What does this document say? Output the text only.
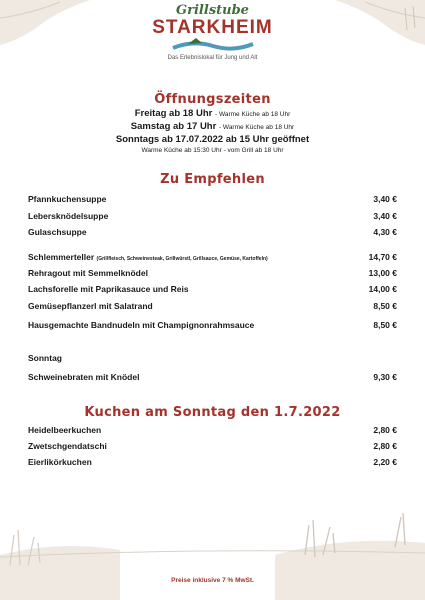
Grillstube
STARKHEIM
Das Erlebnislokal für Jung und Alt
Öffnungszeiten
Freitag ab 18 Uhr - Warme Küche ab 18 Uhr
Samstag ab 17 Uhr - Warme Küche ab 18 Uhr
Sonntags ab 17.07.2022 ab 15 Uhr geöffnet
Warme Küche ab 15:30 Uhr - vom Grill ab 18 Uhr
Zu Empfehlen
Pfannkuchensuppe	3,40 €
Lebersknödelsuppe	3,40 €
Gulaschsuppe	4,30 €
Schlemmerteller (Grillfleisch, Schweinesteak, Grillwürstl, Grillsauce, Gemüse, Kartoffeln)	14,70 €
Rehragout mit Semmelknödel	13,00 €
Lachsforelle mit Paprikasauce und Reis	14,00 €
Gemüsepflanzerl mit Salatrand	8,50 €
Hausgemachte Bandnudeln mit Champignonrahmsauce	8,50 €
Sonntag
Schweinebraten mit Knödel	9,30 €
Kuchen am Sonntag den 1.7.2022
Heidelbeerkuchen	2,80 €
Zwetschgendatschi	2,80 €
Eierlikörkuchen	2,20 €
Preise inklusive 7 % MwSt.
